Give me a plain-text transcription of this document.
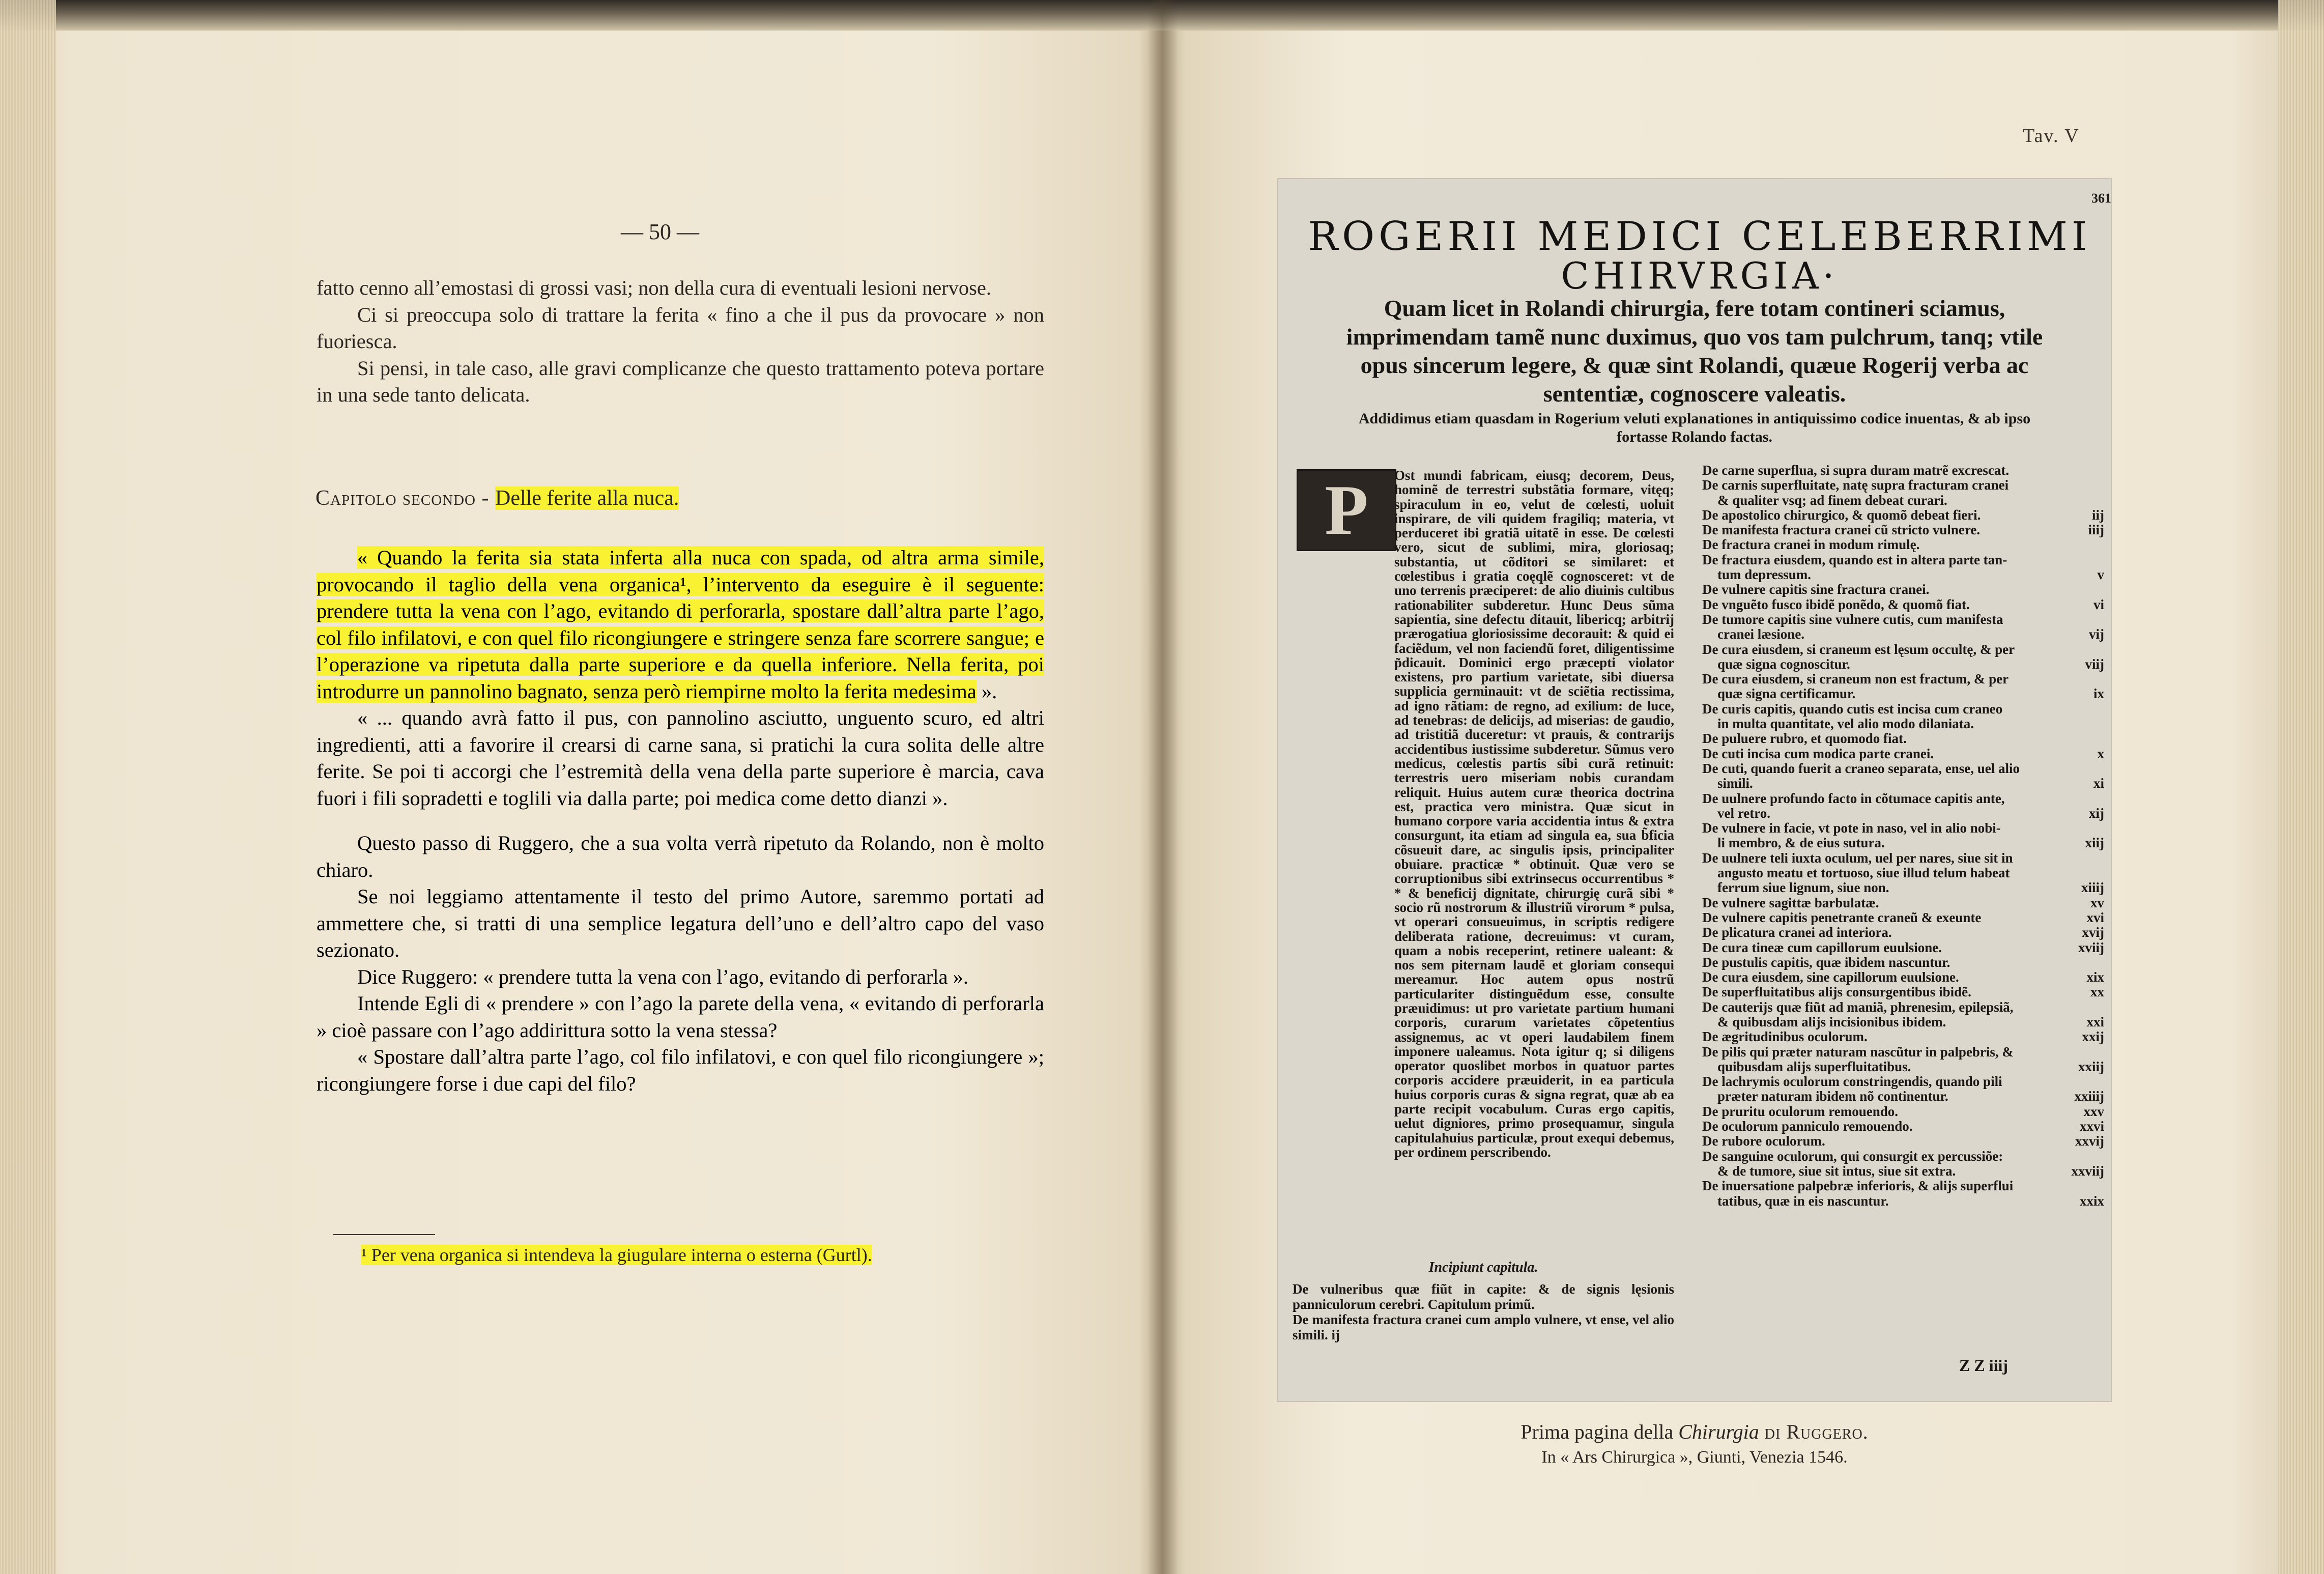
— 50 —

fatto cenno all’emostasi di grossi vasi; non della cura di eventuali lesioni nervose.

Ci si preoccupa solo di trattare la ferita « fino a che il pus da provocare » non fuoriesca.

Si pensi, in tale caso, alle gravi complicanze che questo trattamento poteva portare in una sede tanto delicata.

Capitolo secondo - Delle ferite alla nuca.

« Quando la ferita sia stata inferta alla nuca con spada, od altra arma simile, provocando il taglio della vena organica¹, l’intervento da eseguire è il seguente: prendere tutta la vena con l’ago, evitando di perforarla, spostare dall’altra parte l’ago, col filo infilatovi, e con quel filo ricongiungere e stringere senza fare scorrere sangue; e l’operazione va ripetuta dalla parte superiore e da quella inferiore. Nella ferita, poi introdurre un pannolino bagnato, senza però riempirne molto la ferita medesima ».

« ... quando avrà fatto il pus, con pannolino asciutto, unguento scuro, ed altri ingredienti, atti a favorire il crearsi di carne sana, si pratichi la cura solita delle altre ferite. Se poi ti accorgi che l’estremità della vena della parte superiore è marcia, cava fuori i fili sopradetti e toglili via dalla parte; poi medica come detto dianzi ».

Questo passo di Ruggero, che a sua volta verrà ripetuto da Rolando, non è molto chiaro.

Se noi leggiamo attentamente il testo del primo Autore, saremmo portati ad ammettere che, si tratti di una semplice legatura dell’uno e dell’altro capo del vaso sezionato.

Dice Ruggero: « prendere tutta la vena con l’ago, evitando di perforarla ».

Intende Egli di « prendere » con l’ago la parete della vena, « evitando di perforarla » cioè passare con l’ago addirittura sotto la vena stessa?

« Spostare dall’altra parte l’ago, col filo infilatovi, e con quel filo ricongiungere »; ricongiungere forse i due capi del filo?

¹ Per vena organica si intendeva la giugulare interna o esterna (Gurtl).
Tav. V
361
ROGERII MEDICI CELEBERRIMI
CHIRVRGIA·
Quam licet in Rolandi chirurgia, fere totam contineri sciamus, imprimendam tamẽ nunc duximus, quo vos tam pulchrum, tanq; vtile opus sincerum legere, & quæ sint Rolandi, quæue Rogerij verba ac sententiæ, cognoscere valeatis.
Addidimus etiam quasdam in Rogerium veluti explanationes in antiquissimo codice inuentas, & ab ipso fortasse Rolando factas.
P	Ost mundi fabricam, eiusq; decorem, Deus, hominẽ de terrestri substãtia formare, vitęq; spiraculum in eo, velut de cœlesti, uoluit inspirare, de vili quidem fragiliq; materia, vt perduceret ibi gratiã uitatẽ in esse. De cœlesti vero, sicut de sublimi, mira, gloriosaq; substantia, ut cõditori se similaret: et cœlestibus i gratia coęqlẽ cognosceret: vt de uno terrenis præciperet: de alio diuinis cultibus rationabiliter subderetur. Hunc Deus sũma sapientia, sine defectu ditauit, libericq; arbitrij prærogatiua gloriosissime decorauit: & quid ei faciẽdum, vel non faciendũ foret, diligentissime p̃dicauit. Dominici ergo præcepti violator existens, pro partium varietate, sibi diuersa supplicia germinauit: vt de sciẽtia rectissima, ad igno rãtiam: de regno, ad exilium: de luce, ad tenebras: de delicijs, ad miserias: de gaudio, ad tristitiã duceretur: vt prauis, & contrarijs accidentibus iustissime subderetur. Sũmus vero medicus, cœlestis partis sibi curã retinuit: terrestris uero miseriam nobis curandam reliquit. Huius autem curæ theorica doctrina est, practica vero ministra. Quæ sicut in humano corpore varia accidentia intus & extra consurgunt, ita etiam ad singula ea, sua b̃ficia cõsueuit dare, ac singulis ipsis, principaliter obuiare. practicæ * obtinuit. Quæ vero se corruptionibus sibi extrinsecus occurrentibus * * & beneficij dignitate, chirurgię curã sibi * socio rũ nostrorum & illustriũ virorum * pulsa, vt operari consueuimus, in scriptis redigere deliberata ratione, decreuimus: vt curam, quam a nobis receperint, retinere ualeant: & nos sem piternam laudẽ et gloriam consequi mereamur. Hoc autem opus nostrũ particulariter distinguẽdum esse, consulte præuidimus: ut pro varietate partium humani corporis, curarum varietates cõpetentius assignemus, ac vt operi laudabilem finem imponere ualeamus. Nota igitur q; si diligens operator quoslibet morbos in quatuor partes corporis accidere præuiderit, in ea particula huius corporis curas & signa regrat, quæ ab ea parte recipit vocabulum. Curas ergo capitis, uelut digniores, primo prosequamur, singula capitulahuius particulæ, prout exequi debemus, per ordinem perscribendo.

Incipiunt capitula.

De vulneribus quæ fiũt in capite: & de signis lęsionis panniculorum cerebri. Capitulum primũ.

De manifesta fractura cranei cum amplo vulnere, vt ense, vel alio simili. ij

De carne superflua, si supra duram matrẽ excrescat.
De carnis superfluitate, natę supra fracturam cranei
& qualiter vsq; ad finem debeat curari.
De apostolico chirurgico, & quomõ debeat fieri.	iij
De manifesta fractura cranei cũ stricto vulnere.	iiij
De fractura cranei in modum rimulę.
De fractura eiusdem, quando est in altera parte tan-
tum depressum.	v
De vulnere capitis sine fractura cranei.
De vnguẽto fusco ibidẽ ponẽdo, & quomõ fiat.	vi
De tumore capitis sine vulnere cutis, cum manifesta
cranei læsione.	vij
De cura eiusdem, si craneum est lęsum occultę, & per
quæ signa cognoscitur.	viij
De cura eiusdem, si craneum non est fractum, & per
quæ signa certificamur.	ix
De curis capitis, quando cutis est incisa cum craneo
in multa quantitate, vel alio modo dilaniata.
De puluere rubro, et quomodo fiat.
De cuti incisa cum modica parte cranei.	x
De cuti, quando fuerit a craneo separata, ense, uel alio
simili.	xi
De uulnere profundo facto in cõtumace capitis ante,
vel retro.	xij
De vulnere in facie, vt pote in naso, vel in alio nobi-
li membro, & de eius sutura.	xiij
De uulnere teli iuxta oculum, uel per nares, siue sit in
angusto meatu et tortuoso, siue illud telum habeat
ferrum siue lignum, siue non.	xiiij
De vulnere sagittæ barbulatæ.	xv
De vulnere capitis penetrante craneũ & exeunte	xvi
De plicatura cranei ad interiora.	xvij
De cura tineæ cum capillorum euulsione.	xviij
De pustulis capitis, quæ ibidem nascuntur.
De cura eiusdem, sine capillorum euulsione.	xix
De superfluitatibus alijs consurgentibus ibidẽ.	xx
De cauterijs quæ fiũt ad maniã, phrenesim, epilepsiã,
& quibusdam alijs incisionibus ibidem.	xxi
De ægritudinibus oculorum.	xxij
De pilis qui præter naturam nascũtur in palpebris, &
quibusdam alijs superfluitatibus.	xxiij
De lachrymis oculorum constringendis, quando pili
præter naturam ibidem nõ continentur.	xxiiij
De pruritu oculorum remouendo.	xxv
De oculorum panniculo remouendo.	xxvi
De rubore oculorum.	xxvij
De sanguine oculorum, qui consurgit ex percussiõe:
& de tumore, siue sit intus, siue sit extra.	xxviij
De inuersatione palpebræ inferioris, & alijs superflui
tatibus, quæ in eis nascuntur.	xxix
Z Z iiij
Prima pagina della Chirurgia di Ruggero.
In « Ars Chirurgica », Giunti, Venezia 1546.
